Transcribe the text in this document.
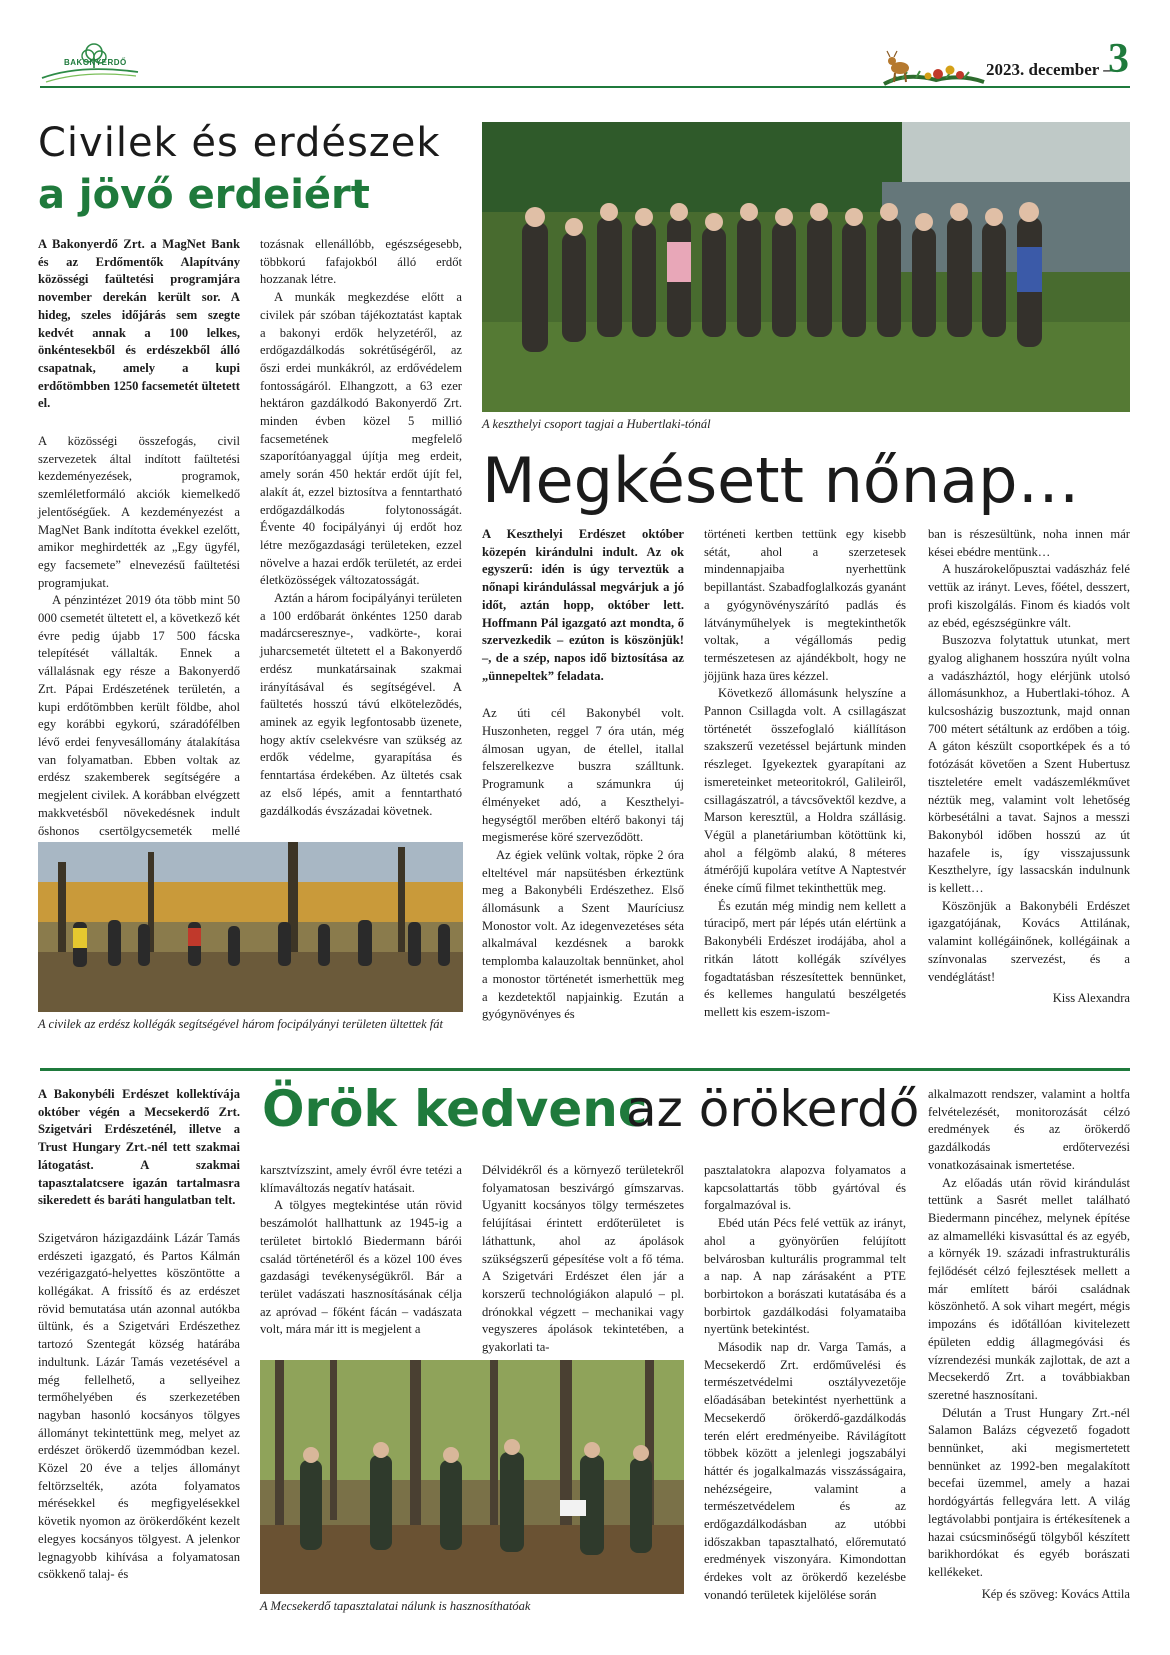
BAKONYERDŐ	2023. december –
3
Civilek és erdészek
a jövő erdeiért

A Bakonyerdő Zrt. a MagNet Bank és az Erdőmentők Alapítvány közösségi faültetési programjára november derekán került sor. A hideg, szeles időjárás sem szegte kedvét annak a 100 lelkes, önkéntesekből és erdészekből álló csapatnak, amely a kupi erdőtömbben 1250 facsemetét ültetett el.

A közösségi összefogás, civil szervezetek által indított faültetési kezdeményezések, programok, szemléletformáló akciók kiemelkedő jelentőségűek. A kezdeményezést a MagNet Bank indította évekkel ezelőtt, amikor meghirdették az „Egy ügyfél, egy facsemete” elnevezésű faültetési programjukat.

A pénzintézet 2019 óta több mint 50 000 csemetét ültetett el, a következő két évre pedig újabb 17 500 fácska telepítését vállalták. Ennek a vállalásnak egy része a Bakonyerdő Zrt. Pápai Erdészetének területén, a kupi erdőtömbben került földbe, ahol egy korábbi egykorú, száradófélben lévő erdei fenyvesállomány átalakítása van folyamatban. Ebben voltak az erdész szakemberek segítségére a megjelent civilek. A korábban elvégzett makkvetésből növekedésnek indult őshonos csertölgycsemeték mellé

tozásnak ellenállóbb, egészségesebb, többkorú fafajokból álló erdőt hozzanak létre.

A munkák megkezdése előtt a civilek pár szóban tájékoztatást kaptak a bakonyi erdők helyzetéről, az erdőgazdálkodás sokrétűségéről, az őszi erdei munkákról, az erdővédelem fontosságáról. Elhangzott, a 63 ezer hektáron gazdálkodó Bakonyerdő Zrt. minden évben közel 5 millió facsemetének megfelelő szaporítóanyaggal újítja meg erdeit, amely során 450 hektár erdőt újít fel, alakít át, ezzel biztosítva a fenntartható erdőgazdálkodás folytonosságát. Évente 40 focipályányi új erdőt hoz létre mezőgazdasági területeken, ezzel növelve a hazai erdők területét, az erdei életközösségek változatosságát.

Aztán a három focipályányi területen a 100 erdőbarát önkéntes 1250 darab madárcseresznye-, vadkörte-, korai juharcsemetét ültetett el a Bakonyerdő erdész munkatársainak szakmai irányításával és segítségével. A faültetés hosszú távú elkötelezõdés, aminek az egyik legfontosabb üzenete, hogy aktív cselekvésre van szükség az erdők védelme, gyarapítása és fenntartása érdekében. Az ültetés csak az első lépés, amit a fenntartható gazdálkodás évszázadai követnek.

A civilek az erdész kollégák segítségével három focipályányi területen ültettek fát
A keszthelyi csoport tagjai a Hubertlaki-tónál
Megkésett nőnap…

A Keszthelyi Erdészet október közepén kirándulni indult. Az ok egyszerű: idén is úgy terveztük a nőnapi kirándulással megvárjuk a jó időt, aztán hopp, október lett. Hoffmann Pál igazgató azt mondta, ő szervezkedik – ezúton is köszönjük! –, de a szép, napos idő biztosítása az „ünnepeltek” feladata.

Az úti cél Bakonybél volt. Huszonheten, reggel 7 óra után, még álmosan ugyan, de étellel, itallal felszerelkezve buszra szálltunk. Programunk a számunkra új élményeket adó, a Keszthelyi-hegységtől merőben eltérő bakonyi táj megismerése köré szerveződött.

Az égiek velünk voltak, röpke 2 óra elteltével már napsütésben érkeztünk meg a Bakonybéli Erdészethez. Első állomásunk a Szent Mauríciusz Monostor volt. Az idegenvezetéses séta alkalmával kezdésnek a barokk templomba kalauzoltak bennünket, ahol a monostor történetét ismerhettük meg a kezdetektől napjainkig. Ezután a gyógynövényes és

történeti kertben tettünk egy kisebb sétát, ahol a szerzetesek mindennapjaiba nyerhettünk bepillantást. Szabadfoglalkozás gyanánt a gyógynövényszárító padlás és látványműhelyek is megtekinthetők voltak, a végállomás pedig természetesen az ajándékbolt, hogy ne jöjjünk haza üres kézzel.

Következő állomásunk helyszíne a Pannon Csillagda volt. A csillagászat történetét összefoglaló kiállításon szakszerű vezetéssel bejártunk minden részleget. Igyekeztek gyarapítani az ismereteinket meteoritokról, Galileiről, csillagászatról, a távcsővektől kezdve, a Marson keresztül, a Holdra szállásig. Végül a planetáriumban kötöttünk ki, ahol a félgömb alakú, 8 méteres átmérőjű kupolára vetítve A Naptestvér éneke című filmet tekinthettük meg.

És ezután még mindig nem kellett a túracipő, mert pár lépés után elértünk a Bakonybéli Erdészet irodájába, ahol a ritkán látott kollégák szívélyes fogadtatásban részesítettek bennünket, és kellemes hangulatú beszélgetés mellett kis eszem-iszom-

ban is részesültünk, noha innen már kései ebédre mentünk…

A huszárokelőpusztai vadászház felé vettük az irányt. Leves, főétel, desszert, profi kiszolgálás. Finom és kiadós volt az ebéd, egészségünkre vált.

Buszozva folytattuk utunkat, mert gyalog alighanem hosszúra nyúlt volna a vadászháztól, hogy elérjünk utolsó állomásunkhoz, a Hubertlaki-tóhoz. A kulcsosházig buszoztunk, majd onnan 700 métert sétáltunk az erdőben a tóig. A gáton készült csoportképek és a tó fotózását követően a Szent Hubertusz tiszteletére emelt vadászemlékművet néztük meg, valamint volt lehetőség körbesétálni a tavat. Sajnos a messzi Bakonyból időben hosszú az út hazafele is, így visszajussunk Keszthelyre, így lassacskán indulnunk is kellett…

Köszönjük a Bakonybéli Erdészet igazgatójának, Kovács Attilának, valamint kollégáinőnek, kollégáinak a színvonalas szervezést, és a vendéglátást!

Kiss Alexandra

A Bakonybéli Erdészet kollektívája október végén a Mecsekerdő Zrt. Szigetvári Erdészeténél, illetve a Trust Hungary Zrt.-nél tett szakmai látogatást. A szakmai tapasztalatcsere igazán tartalmasra sikeredett és baráti hangulatban telt.

Szigetváron házigazdáink Lázár Tamás erdészeti igazgató, és Partos Kálmán vezérigazgató-helyettes köszöntötte a kollégákat. A frissítő és az erdészet rövid bemutatása után azonnal autókba ültünk, és a Szigetvári Erdészethez tartozó Szentegát község határába indultunk. Lázár Tamás vezetésével a még fellelhető, a sellyeihez termőhelyében és szerkezetében nagyban hasonló kocsányos tölgyes állományt tekintettünk meg, melyet az erdészet örökerdő üzemmódban kezel. Közel 20 éve a teljes állományt feltörzselték, azóta folyamatos mérésekkel és megfigyelésekkel követik nyomon az örökerdőként kezelt elegyes kocsányos tölgyest. A jelenkor legnagyobb kihívása a folyamatosan csökkenő talaj- és

Örök kedvenc
az örökerdő

karsztvízszint, amely évről évre tetézi a klímaváltozás negatív hatásait.

A tölgyes megtekintése után rövid beszámolót hallhattunk az 1945-ig a területet birtokló Biedermann bárói család történetéről és a közel 100 éves gazdasági tevékenységükről. Bár a terület vadászati hasznosításának célja az apróvad – főként fácán – vadászata volt, mára már itt is megjelent a

Délvidékről és a környező területekről folyamatosan beszivárgó gímszarvas. Ugyanitt kocsányos tölgy természetes felújításai érintett erdőterületet is láthattunk, ahol az ápolások szükségszerű gépesítése volt a fő téma. A Szigetvári Erdészet élen jár a korszerű technológiákon alapuló – pl. drónokkal végzett – mechanikai vagy vegyszeres ápolások tekintetében, a gyakorlati ta-

A Mecsekerdő tapasztalatai nálunk is hasznosíthatóak

pasztalatokra alapozva folyamatos a kapcsolattartás több gyártóval és forgalmazóval is.

Ebéd után Pécs felé vettük az irányt, ahol a gyönyörűen felújított belvárosban kulturális programmal telt a nap. A nap zárásaként a PTE borbirtokon a borászati kutatásába és a borbirtok gazdálkodási folyamataiba nyertünk betekintést.

Második nap dr. Varga Tamás, a Mecsekerdő Zrt. erdőművelési és természetvédelmi osztályvezetője előadásában betekintést nyerhettünk a Mecsekerdő örökerdő-gazdálkodás terén elért eredményeibe. Rávilágított többek között a jelenlegi jogszabályi háttér és jogalkalmazás visszásságaira, nehézségeire, valamint a természetvédelem és az erdőgazdálkodásban az utóbbi időszakban tapasztalható, előremutató eredmények viszonyára. Kimondottan érdekes volt az örökerdő kezelésbe vonandó területek kijelölése során

alkalmazott rendszer, valamint a holtfa felvételezését, monitorozását célzó eredmények és az örökerdő gazdálkodás erdőtervezési vonatkozásainak ismertetése.

Az előadás után rövid kirándulást tettünk a Sasrét mellet található Biedermann pincéhez, melynek építése az almamelléki kisvasúttal és az egyéb, a környék 19. századi infrastrukturális fejlődését célzó fejlesztések mellett a már említett bárói családnak köszönhető. A sok vihart megért, mégis impozáns és időtállóan kivitelezett épületen eddig állagmegóvási és vízrendezési munkák zajlottak, de azt a Mecsekerdő Zrt. a továbbiakban szeretné hasznosítani.

Délután a Trust Hungary Zrt.-nél Salamon Balázs cégvezető fogadott bennünket, aki megismertetett bennünket az 1992-ben megalakított becefai üzemmel, amely a hazai hordógyártás fellegvára lett. A világ legtávolabbi pontjaira is értékesítenek a hazai csúcsminőségű tölgyből készített barikhordókat és egyéb borászati kellékeket.

Kép és szöveg: Kovács Attila
